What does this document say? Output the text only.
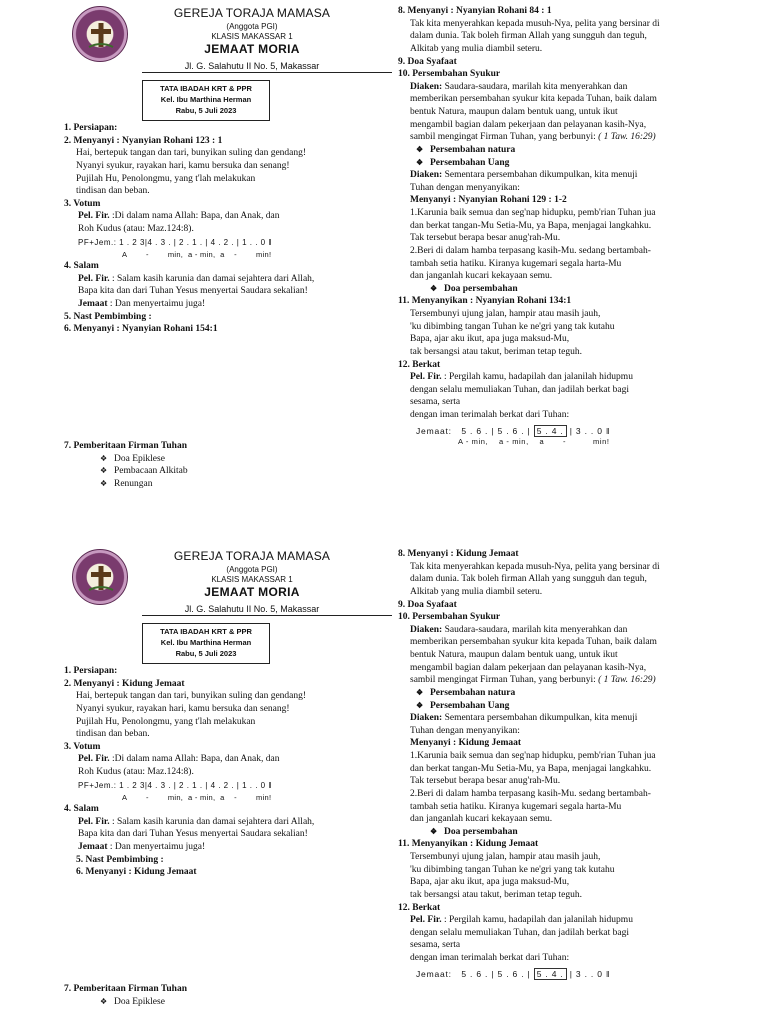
GEREJA TORAJA MAMASA
(Anggota PGI)
KLASIS MAKASSAR 1
JEMAAT MORIA
Jl. G. Salahutu II No. 5, Makassar
TATA IBADAH KRT & PPR
Kel. Ibu Marthina Herman
Rabu, 5 Juli 2023
1. Persiapan:
2. Menyanyi : Nyanyian Rohani 123 : 1
Hai, bertepuk tangan dan tari, bunyikan suling dan gendang!
Nyanyi syukur, rayakan hari, kamu bersuka dan senang!
Pujilah Hu, Penolongmu, yang t'lah melakukan
tindisan dan beban.
3. Votum
Pel. Fir. :Di dalam nama Allah: Bapa, dan Anak, dan
Roh Kudus (atau: Maz.124:8).
PF+Jem.: 1 . 2 3|4 . 3 . | 2 . 1 . | 4 . 2 . | 1 . . 0 ‖
A        -        min,  a - min,  a    -        min!
4. Salam
Pel. Fir. : Salam kasih karunia dan damai sejahtera dari Allah,
Bapa kita dan dari Tuhan Yesus menyertai Saudara sekalian!
Jemaat : Dan menyertaimu juga!
5. Nast Pembimbing :
6. Menyanyi : Nyanyian Rohani 154:1
7. Pemberitaan Firman Tuhan
❖ Doa Epiklese
❖ Pembacaan Alkitab
❖ Renungan
8. Menyanyi : Nyanyian Rohani 84 : 1
Tak kita menyerahkan kepada musuh-Nya, pelita yang bersinar di
dalam dunia. Tak boleh firman Allah yang sungguh dan teguh,
Alkitab yang mulia diambil seteru.
9. Doa Syafaat
10. Persembahan Syukur
Diaken: Saudara-saudara, marilah kita menyerahkan dan
memberikan persembahan syukur kita kepada Tuhan, baik dalam
bentuk Natura, maupun dalam bentuk uang, untuk ikut
mengambil bagian dalam pekerjaan dan pelayanan kasih-Nya,
sambil mengingat Firman Tuhan, yang berbunyi: ( 1 Taw. 16:29)
❖ Persembahan natura
❖ Persembahan Uang
Diaken: Sementara persembahan dikumpulkan, kita menuji
Tuhan dengan menyanyikan:
Menyanyi : Nyanyian Rohani 129 : 1-2
1.Karunia baik semua dan seg'nap hidupku, pemb'rian Tuhan jua
dan berkat tangan-Mu Setia-Mu, ya Bapa, menjagai langkahku.
Tak tersebut berapa besar anug'rah-Mu.
2.Beri di dalam hamba terpasang kasih-Mu. sedang bertambah-
tambah setia hatiku. Kiranya kugemari segala harta-Mu
dan janganlah kucari kekayaan semu.
❖ Doa persembahan
11. Menyanyikan : Nyanyian Rohani 134:1
Tersembunyi ujung jalan, hampir atau masih jauh,
'ku dibimbing tangan Tuhan ke ne'gri yang tak kutahu
Bapa, ajar aku ikut, apa juga maksud-Mu,
tak bersangsi atau takut, beriman tetap teguh.
12. Berkat
Pel. Fir. : Pergilah kamu, hadapilah dan jalanilah hidupmu
dengan selalu memuliakan Tuhan, dan jadilah berkat bagi
sesama, serta
dengan iman terimalah berkat dari Tuhan:
Jemaat:   5 . 6 . | 5 . 6 . | 5 . 4 . | 3 . . 0 ‖
A - min,    a - min,    a       -          min!
GEREJA TORAJA MAMASA
(Anggota PGI)
KLASIS MAKASSAR 1
JEMAAT MORIA
Jl. G. Salahutu II No. 5, Makassar
TATA IBADAH KRT & PPR
Kel. Ibu Marthina Herman
Rabu, 5 Juli 2023
1. Persiapan:
2. Menyanyi : Kidung Jemaat
Hai, bertepuk tangan dan tari, bunyikan suling dan gendang!
Nyanyi syukur, rayakan hari, kamu bersuka dan senang!
Pujilah Hu, Penolongmu, yang t'lah melakukan
tindisan dan beban.
3. Votum
Pel. Fir. :Di dalam nama Allah: Bapa, dan Anak, dan
Roh Kudus (atau: Maz.124:8).
PF+Jem.: 1 . 2 3|4 . 3 . | 2 . 1 . | 4 . 2 . | 1 . . 0 ‖
A        -        min,  a - min,  a    -        min!
4. Salam
Pel. Fir. : Salam kasih karunia dan damai sejahtera dari Allah,
Bapa kita dan dari Tuhan Yesus menyertai Saudara sekalian!
Jemaat : Dan menyertaimu juga!
5. Nast Pembimbing :
6. Menyanyi : Kidung Jemaat
7. Pemberitaan Firman Tuhan
❖ Doa Epiklese
8. Menyanyi : Kidung Jemaat
Tak kita menyerahkan kepada musuh-Nya, pelita yang bersinar di
dalam dunia. Tak boleh firman Allah yang sungguh dan teguh,
Alkitab yang mulia diambil seteru.
9. Doa Syafaat
10. Persembahan Syukur
Diaken: Saudara-saudara, marilah kita menyerahkan dan
memberikan persembahan syukur kita kepada Tuhan, baik dalam
bentuk Natura, maupun dalam bentuk uang, untuk ikut
mengambil bagian dalam pekerjaan dan pelayanan kasih-Nya,
sambil mengingat Firman Tuhan, yang berbunyi: ( 1 Taw. 16:29)
❖ Persembahan natura
❖ Persembahan Uang
Diaken: Sementara persembahan dikumpulkan, kita menuji
Tuhan dengan menyanyikan:
Menyanyi : Kidung Jemaat
1.Karunia baik semua dan seg'nap hidupku, pemb'rian Tuhan jua
dan berkat tangan-Mu Setia-Mu, ya Bapa, menjagai langkahku.
Tak tersebut berapa besar anug'rah-Mu.
2.Beri di dalam hamba terpasang kasih-Mu. sedang bertambah-
tambah setia hatiku. Kiranya kugemari segala harta-Mu
dan janganlah kucari kekayaan semu.
❖ Doa persembahan
11. Menyanyikan : Kidung Jemaat
Tersembunyi ujung jalan, hampir atau masih jauh,
'ku dibimbing tangan Tuhan ke ne'gri yang tak kutahu
Bapa, ajar aku ikut, apa juga maksud-Mu,
tak bersangsi atau takut, beriman tetap teguh.
12. Berkat
Pel. Fir. : Pergilah kamu, hadapilah dan jalanilah hidupmu
dengan selalu memuliakan Tuhan, dan jadilah berkat bagi
sesama, serta
dengan iman terimalah berkat dari Tuhan:
Jemaat:   5 . 6 . | 5 . 6 . | 5 . 4 . | 3 . . 0 ‖
